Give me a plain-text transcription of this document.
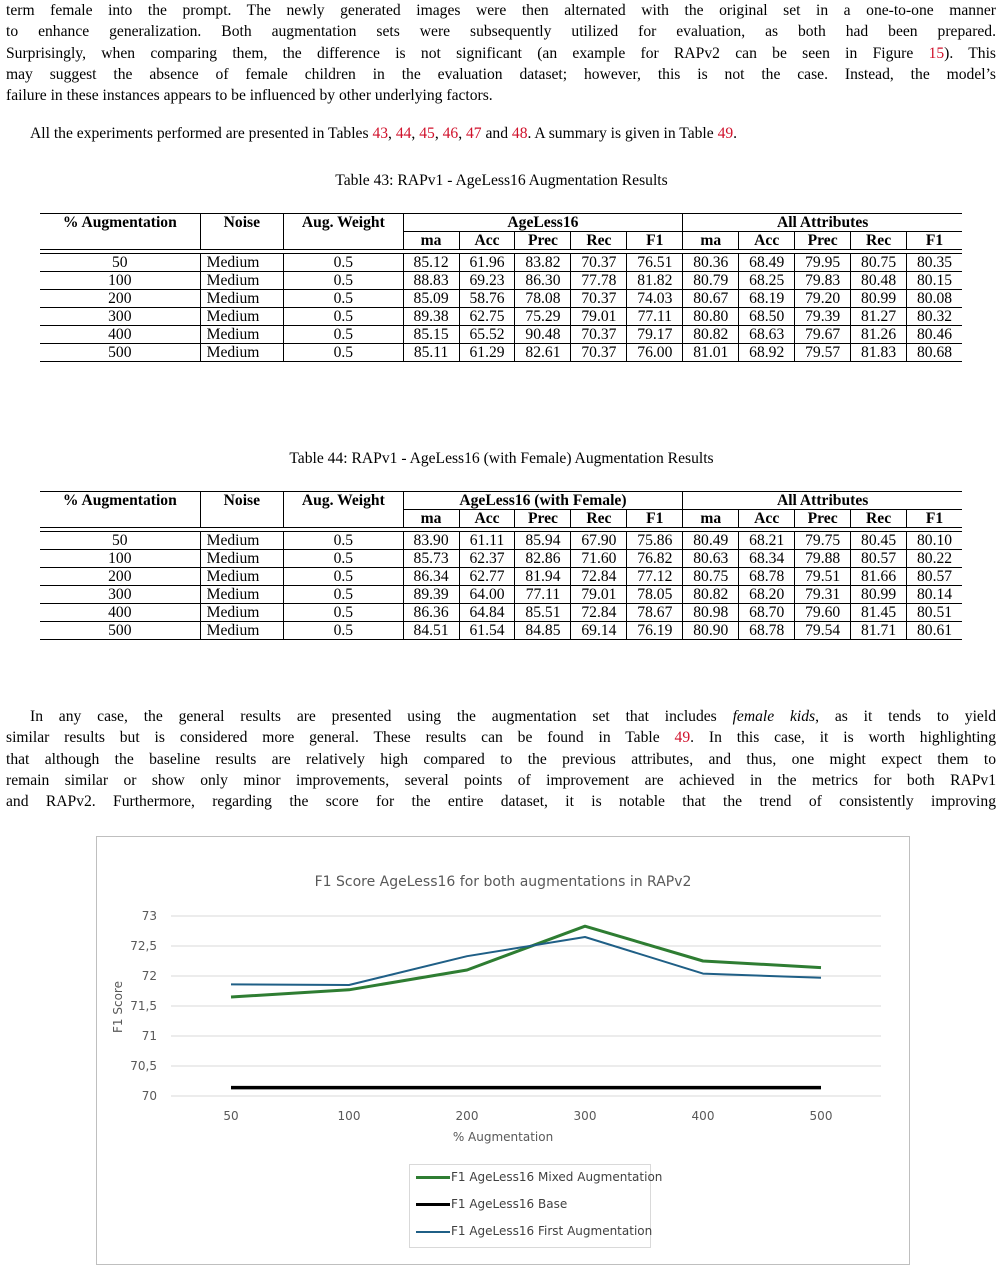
term female into the prompt. The newly generated images were then alternated with the original set in a one-to-one manner
to enhance generalization. Both augmentation sets were subsequently utilized for evaluation, as both had been prepared.
Surprisingly, when comparing them, the difference is not significant (an example for RAPv2 can be seen in Figure 15). This
may suggest the absence of female children in the evaluation dataset; however, this is not the case. Instead, the model’s
failure in these instances appears to be influenced by other underlying factors.
All the experiments performed are presented in Tables 43, 44, 45, 46, 47 and 48. A summary is given in Table 49.
Table 43: RAPv1 - AgeLess16 Augmentation Results
% Augmentation	Noise	Aug. Weight	AgeLess16					All Attributes				
			ma	Acc	Prec	Rec	F1	ma	Acc	Prec	Rec	F1

50	Medium	0.5	85.12	61.96	83.82	70.37	76.51	80.36	68.49	79.95	80.75	80.35
100	Medium	0.5	88.83	69.23	86.30	77.78	81.82	80.79	68.25	79.83	80.48	80.15
200	Medium	0.5	85.09	58.76	78.08	70.37	74.03	80.67	68.19	79.20	80.99	80.08
300	Medium	0.5	89.38	62.75	75.29	79.01	77.11	80.80	68.50	79.39	81.27	80.32
400	Medium	0.5	85.15	65.52	90.48	70.37	79.17	80.82	68.63	79.67	81.26	80.46
500	Medium	0.5	85.11	61.29	82.61	70.37	76.00	81.01	68.92	79.57	81.83	80.68
Table 44: RAPv1 - AgeLess16 (with Female) Augmentation Results
% Augmentation	Noise	Aug. Weight	AgeLess16 (with Female)					All Attributes				
			ma	Acc	Prec	Rec	F1	ma	Acc	Prec	Rec	F1

50	Medium	0.5	83.90	61.11	85.94	67.90	75.86	80.49	68.21	79.75	80.45	80.10
100	Medium	0.5	85.73	62.37	82.86	71.60	76.82	80.63	68.34	79.88	80.57	80.22
200	Medium	0.5	86.34	62.77	81.94	72.84	77.12	80.75	68.78	79.51	81.66	80.57
300	Medium	0.5	89.39	64.00	77.11	79.01	78.05	80.82	68.20	79.31	80.99	80.14
400	Medium	0.5	86.36	64.84	85.51	72.84	78.67	80.98	68.70	79.60	81.45	80.51
500	Medium	0.5	84.51	61.54	84.85	69.14	76.19	80.90	68.78	79.54	81.71	80.61
In any case, the general results are presented using the augmentation set that includes female kids, as it tends to yield
similar results but is considered more general. These results can be found in Table 49. In this case, it is worth highlighting
that although the baseline results are relatively high compared to the previous attributes, and thus, one might expect them to
remain similar or show only minor improvements, several points of improvement are achieved in the metrics for both RAPv1
and RAPv2. Furthermore, regarding the score for the entire dataset, it is notable that the trend of consistently improving
F1 Score AgeLess16 for both augmentations in RAPv2
70
70,5
71
71,5
72
72,5
73
50	100	200	300	400	500
% Augmentation
F1 Score
F1 AgeLess16 Mixed Augmentation
F1 AgeLess16 Base
F1 AgeLess16 First Augmentation
